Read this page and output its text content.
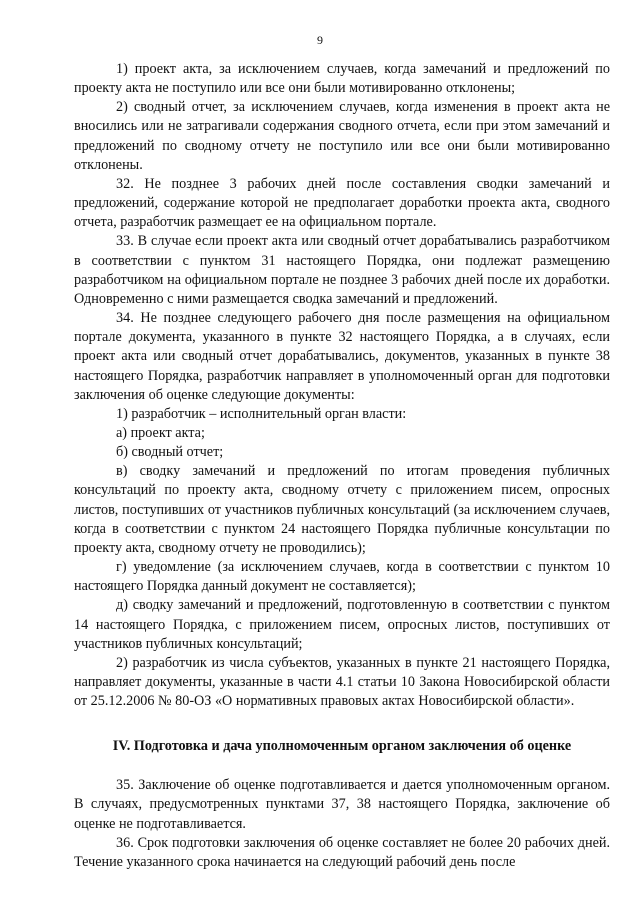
9

1) проект акта, за исключением случаев, когда замечаний и предложений по проекту акта не поступило или все они были мотивированно отклонены;

2) сводный отчет, за исключением случаев, когда изменения в проект акта не вносились или не затрагивали содержания сводного отчета, если при этом замечаний и предложений по сводному отчету не поступило или все они были мотивированно отклонены.

32. Не позднее 3 рабочих дней после составления сводки замечаний и предложений, содержание которой не предполагает доработки проекта акта, сводного отчета, разработчик размещает ее на официальном портале.

33. В случае если проект акта или сводный отчет дорабатывались разработчиком в соответствии с пунктом 31 настоящего Порядка, они подлежат размещению разработчиком на официальном портале не позднее 3 рабочих дней после их доработки. Одновременно с ними размещается сводка замечаний и предложений.

34. Не позднее следующего рабочего дня после размещения на официальном портале документа, указанного в пункте 32 настоящего Порядка, а в случаях, если проект акта или сводный отчет дорабатывались, документов, указанных в пункте 38 настоящего Порядка, разработчик направляет в уполномоченный орган для подготовки заключения об оценке следующие документы:

1) разработчик – исполнительный орган власти:

а) проект акта;

б) сводный отчет;

в) сводку замечаний и предложений по итогам проведения публичных консультаций по проекту акта, сводному отчету с приложением писем, опросных листов, поступивших от участников публичных консультаций (за исключением случаев, когда в соответствии с пунктом 24 настоящего Порядка публичные консультации по проекту акта, сводному отчету не проводились);

г) уведомление (за исключением случаев, когда в соответствии с пунктом 10 настоящего Порядка данный документ не составляется);

д) сводку замечаний и предложений, подготовленную в соответствии с пунктом 14 настоящего Порядка, с приложением писем, опросных листов, поступивших от участников публичных консультаций;

2) разработчик из числа субъектов, указанных в пункте 21 настоящего Порядка, направляет документы, указанные в части 4.1 статьи 10 Закона Новосибирской области от 25.12.2006 № 80-ОЗ «О нормативных правовых актах Новосибирской области».

IV. Подготовка и дача уполномоченным органом заключения об оценке

35. Заключение об оценке подготавливается и дается уполномоченным органом. В случаях, предусмотренных пунктами 37, 38 настоящего Порядка, заключение об оценке не подготавливается.

36. Срок подготовки заключения об оценке составляет не более 20 рабочих дней. Течение указанного срока начинается на следующий рабочий день после
